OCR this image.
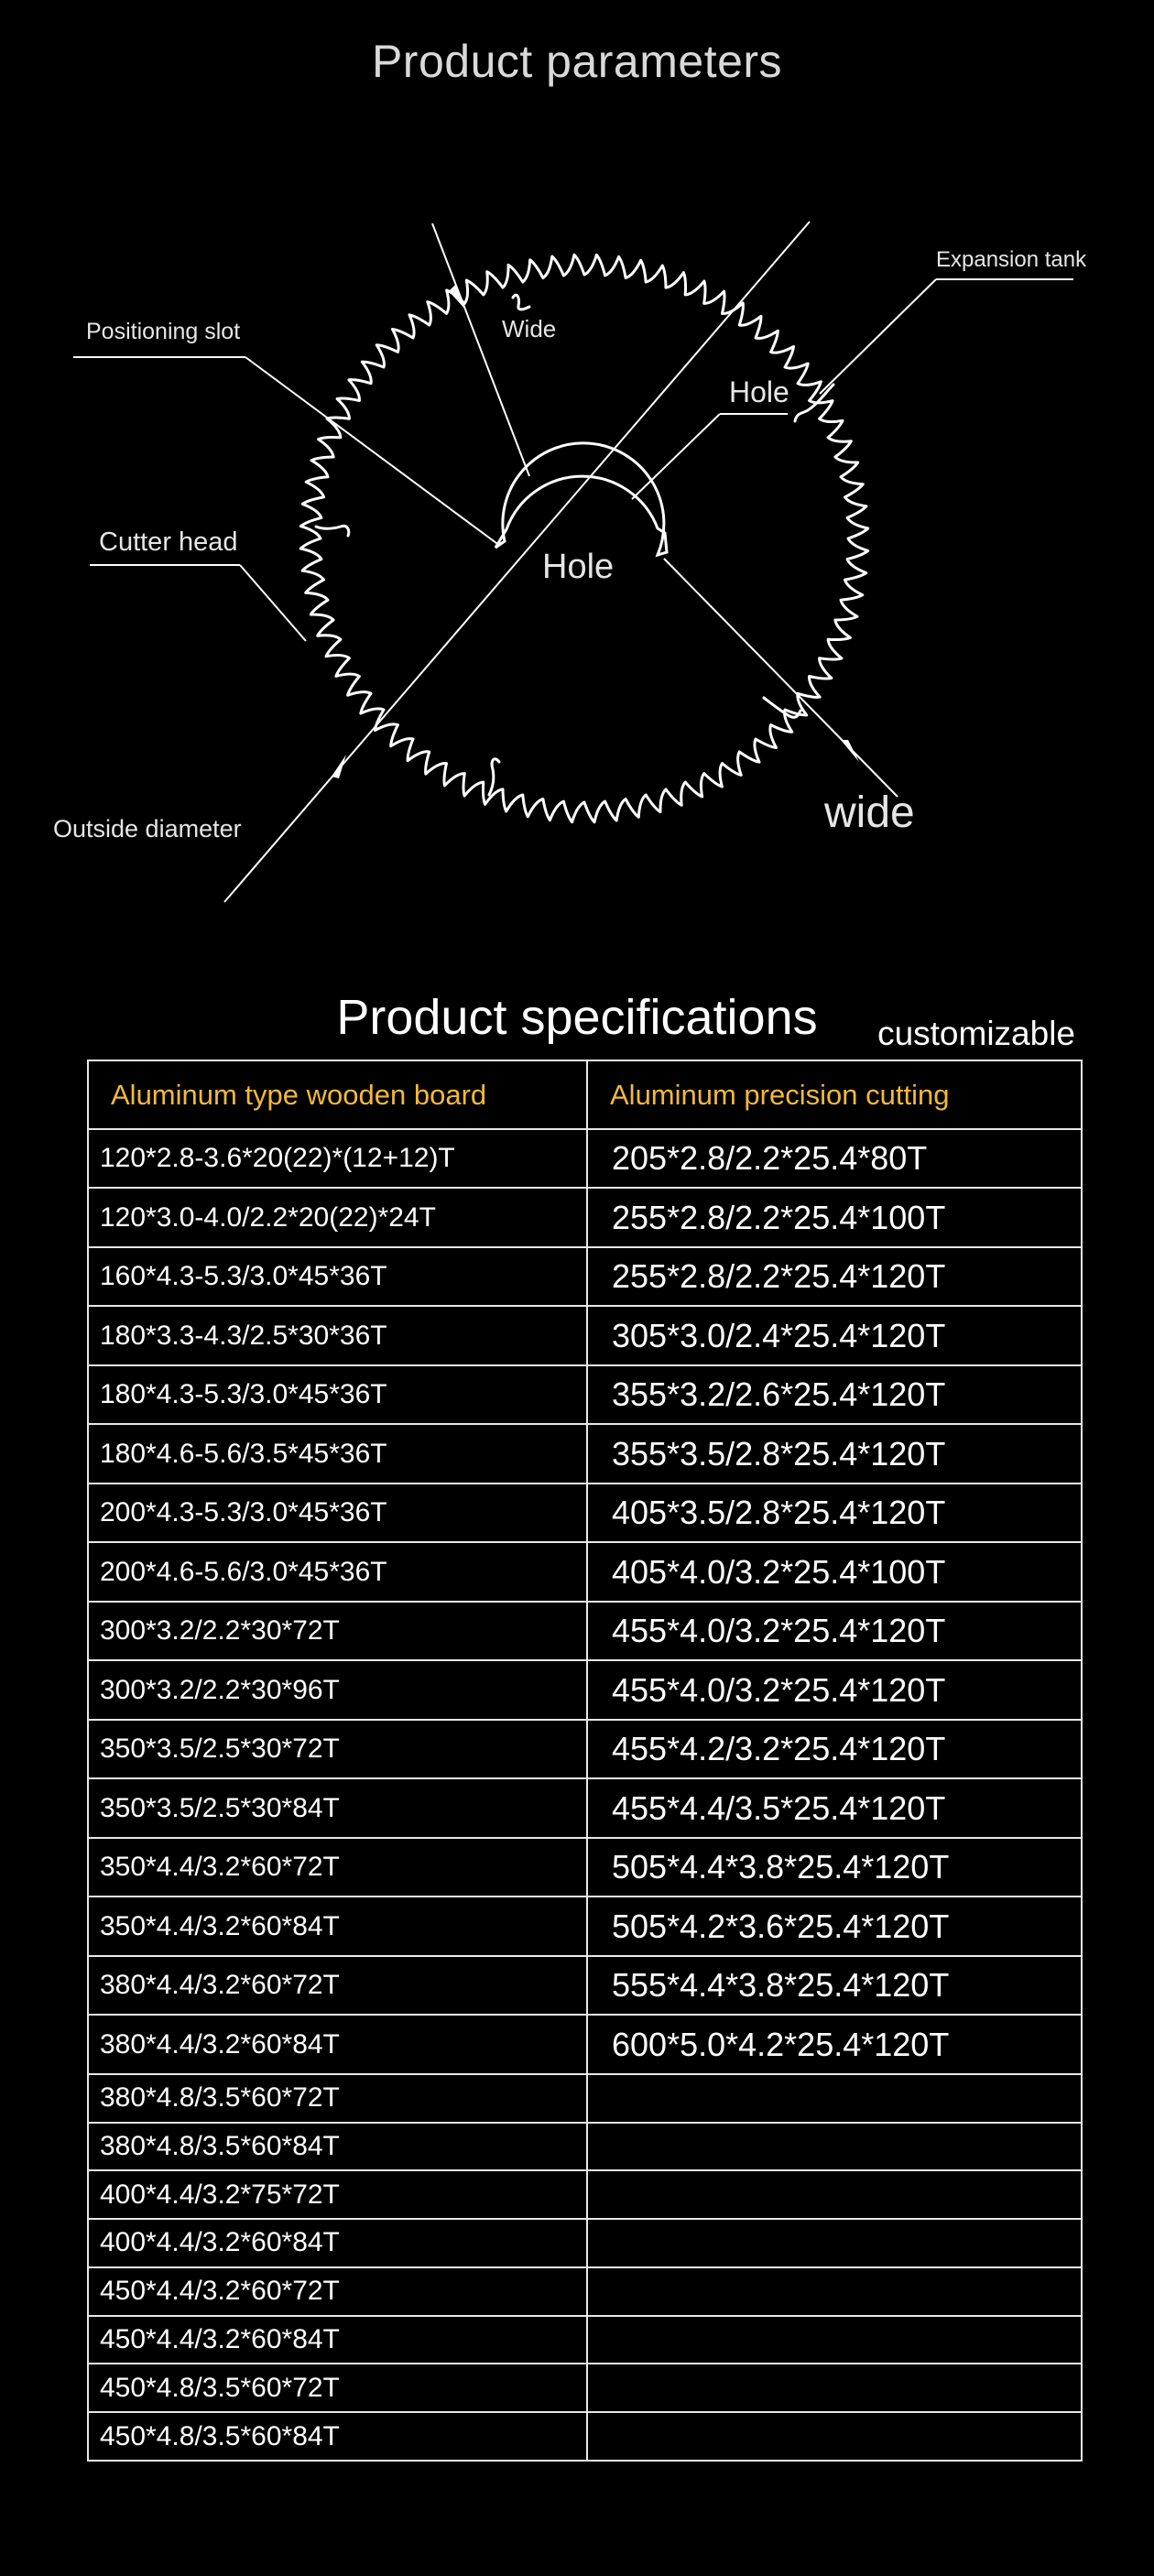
Product parameters
Wide
Expansion tank
Positioning slot
Hole
Cutter head
Hole
Outside diameter	wide
Product specifications	customizable
Aluminum type wooden board	Aluminum precision cutting
120*2.8-3.6*20(22)*(12+12)T	205*2.8/2.2*25.4*80T
120*3.0-4.0/2.2*20(22)*24T	255*2.8/2.2*25.4*100T
160*4.3-5.3/3.0*45*36T	255*2.8/2.2*25.4*120T
180*3.3-4.3/2.5*30*36T	305*3.0/2.4*25.4*120T
180*4.3-5.3/3.0*45*36T	355*3.2/2.6*25.4*120T
180*4.6-5.6/3.5*45*36T	355*3.5/2.8*25.4*120T
200*4.3-5.3/3.0*45*36T	405*3.5/2.8*25.4*120T
200*4.6-5.6/3.0*45*36T	405*4.0/3.2*25.4*100T
300*3.2/2.2*30*72T	455*4.0/3.2*25.4*120T
300*3.2/2.2*30*96T	455*4.0/3.2*25.4*120T
350*3.5/2.5*30*72T	455*4.2/3.2*25.4*120T
350*3.5/2.5*30*84T	455*4.4/3.5*25.4*120T
350*4.4/3.2*60*72T	505*4.4*3.8*25.4*120T
350*4.4/3.2*60*84T	505*4.2*3.6*25.4*120T
380*4.4/3.2*60*72T	555*4.4*3.8*25.4*120T
380*4.4/3.2*60*84T	600*5.0*4.2*25.4*120T
380*4.8/3.5*60*72T	
380*4.8/3.5*60*84T	
400*4.4/3.2*75*72T	
400*4.4/3.2*60*84T	
450*4.4/3.2*60*72T	
450*4.4/3.2*60*84T	
450*4.8/3.5*60*72T	
450*4.8/3.5*60*84T	
